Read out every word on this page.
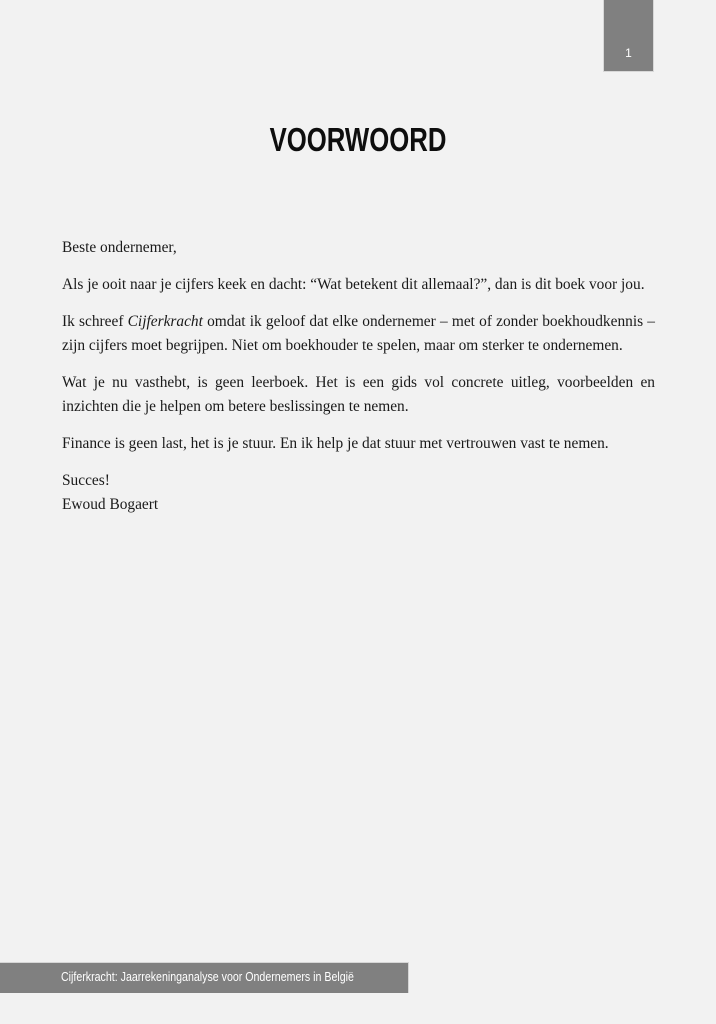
1
VOORWOORD

Beste ondernemer,

Als je ooit naar je cijfers keek en dacht: “Wat betekent dit allemaal?”, dan is dit boek voor jou.

Ik schreef Cijferkracht omdat ik geloof dat elke ondernemer – met of zonder boekhoudkennis – zijn cijfers moet begrijpen. Niet om boekhouder te spelen, maar om sterker te ondernemen.

Wat je nu vasthebt, is geen leerboek. Het is een gids vol concrete uitleg, voorbeelden en inzichten die je helpen om betere beslissingen te nemen.

Finance is geen last, het is je stuur. En ik help je dat stuur met vertrouwen vast te nemen.

Succes!

Ewoud Bogaert

Cijferkracht: Jaarrekeninganalyse voor Ondernemers in België
